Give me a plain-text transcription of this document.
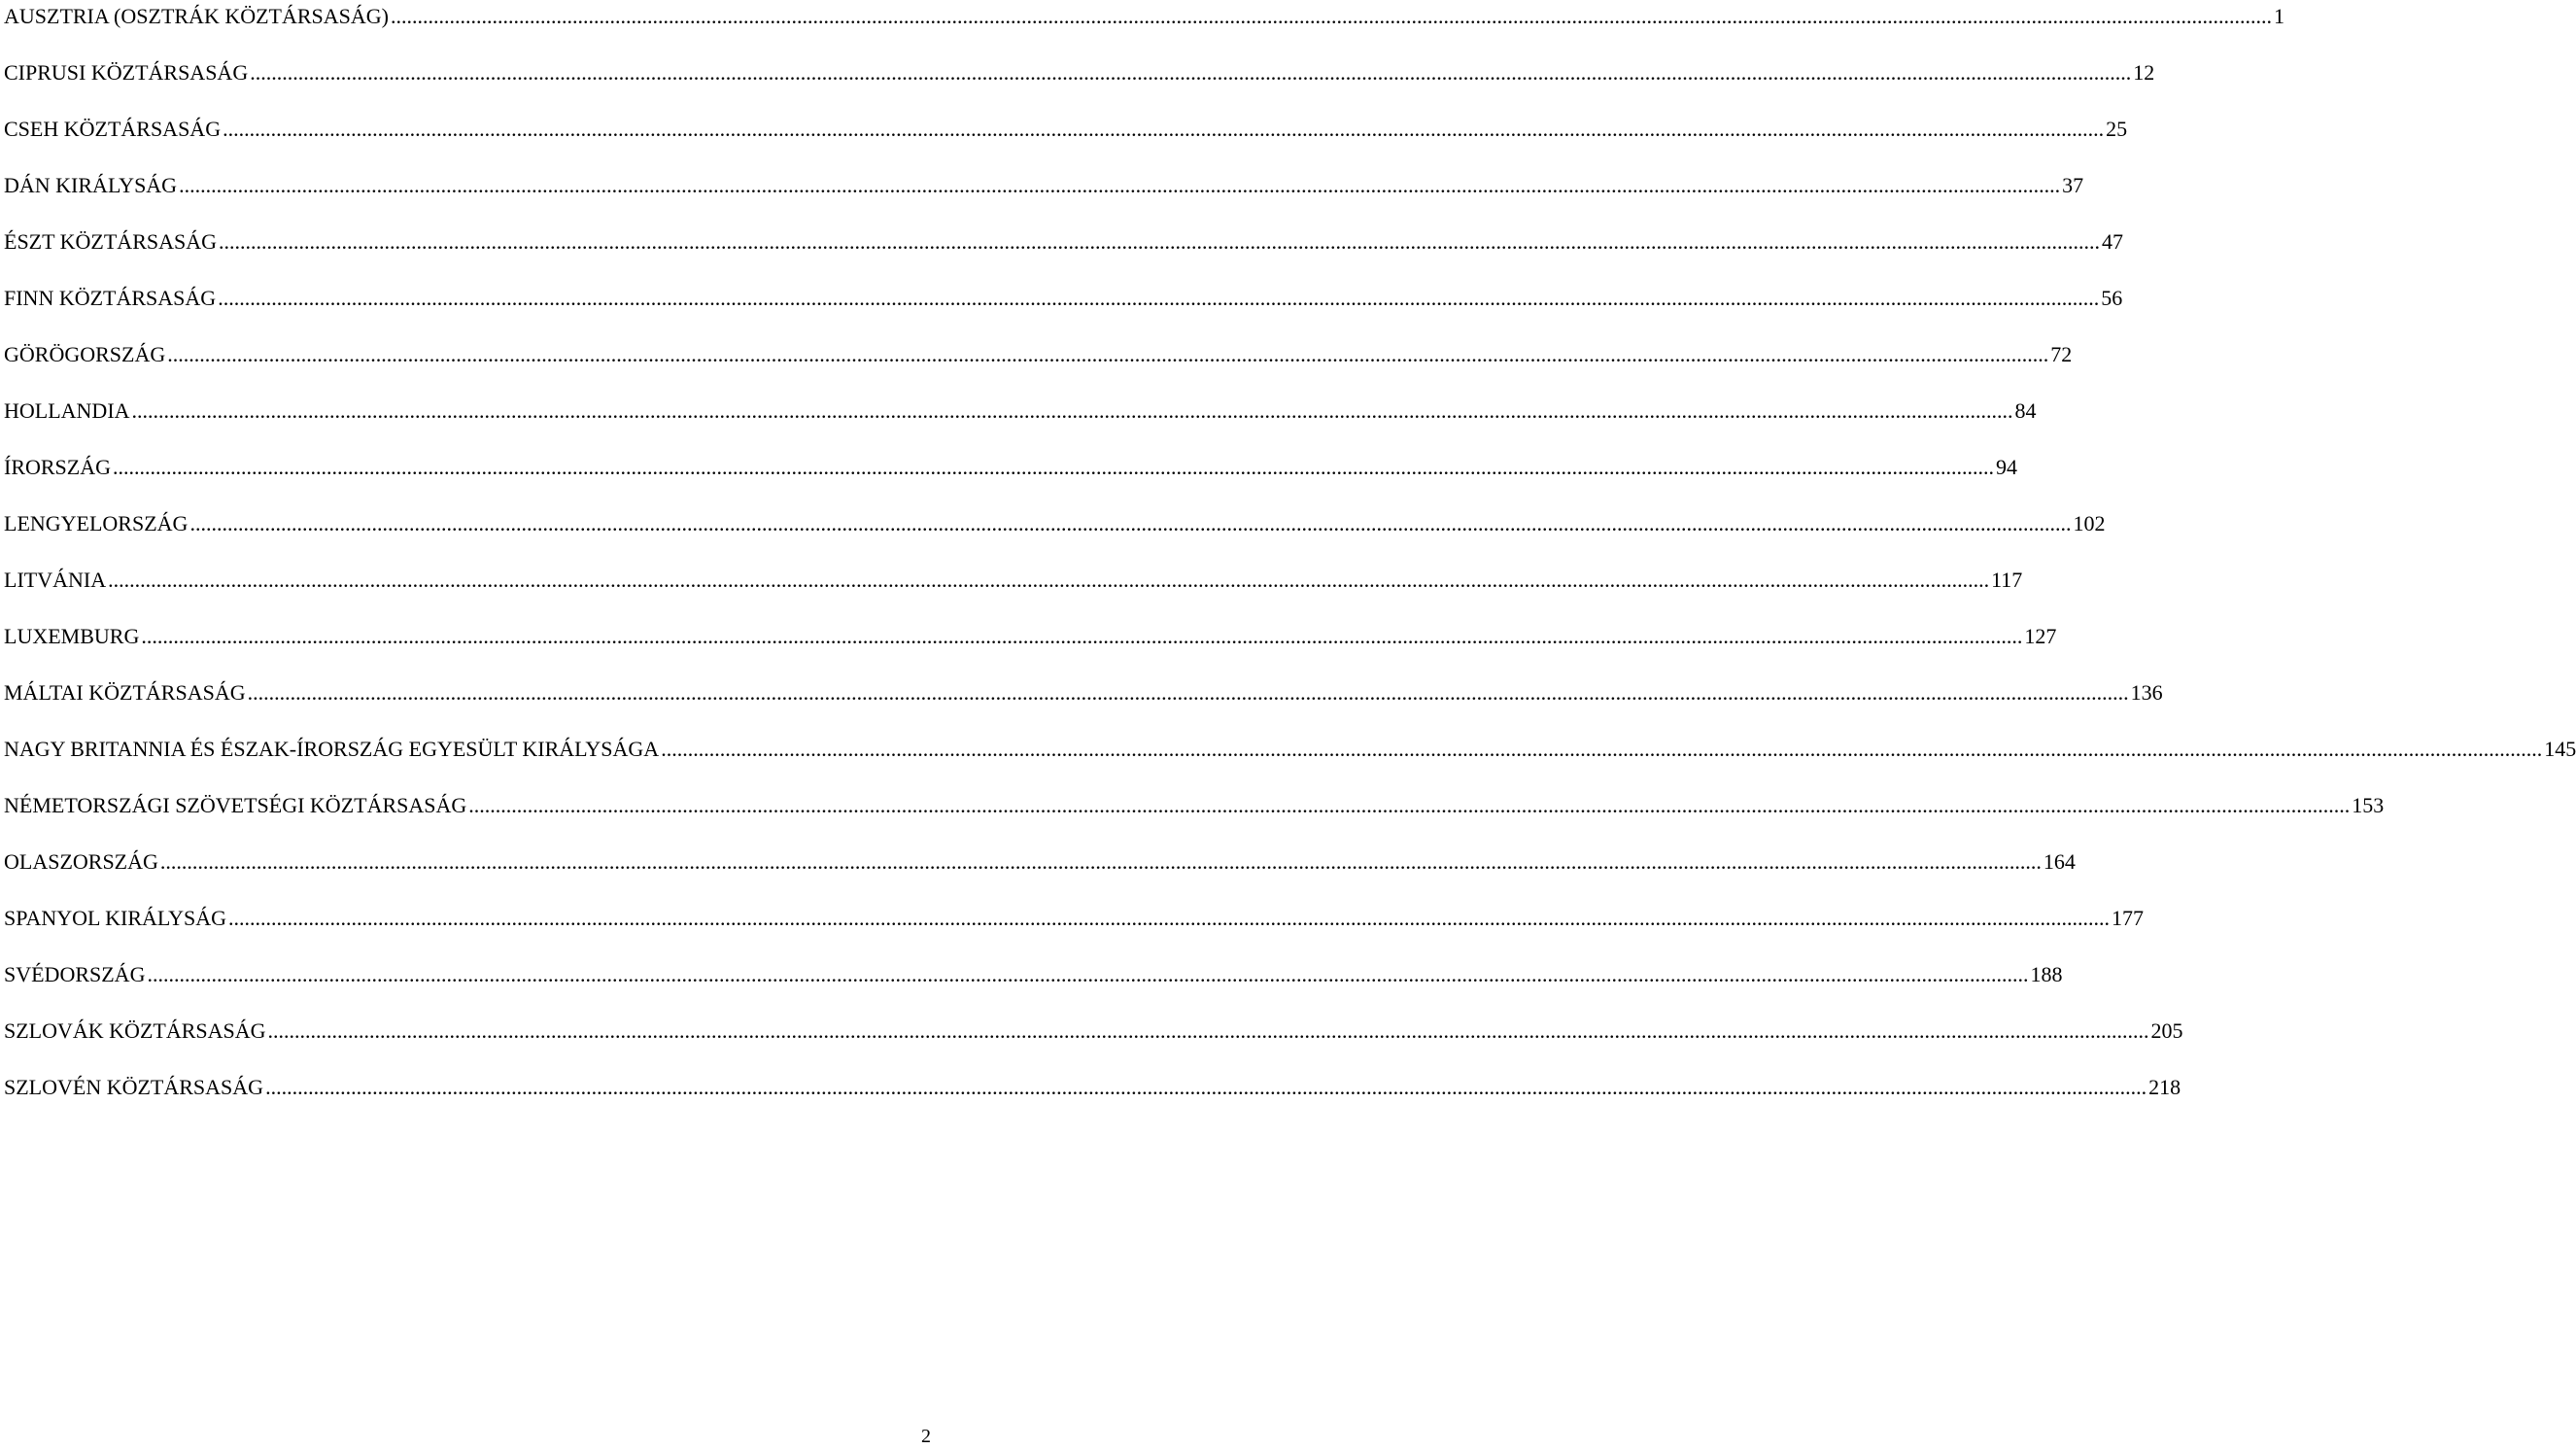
AUSZTRIA (OSZTRÁK KÖZTÁRSASÁG) ................................................................................................................................................................................................................................................................................................................................................................ 1
CIPRUSI KÖZTÁRSASÁG ................................................................................................................................................................................................................................................................................................................................................................ 12
CSEH KÖZTÁRSASÁG ................................................................................................................................................................................................................................................................................................................................................................ 25
DÁN KIRÁLYSÁG ................................................................................................................................................................................................................................................................................................................................................................ 37
ÉSZT KÖZTÁRSASÁG ................................................................................................................................................................................................................................................................................................................................................................ 47
FINN KÖZTÁRSASÁG ................................................................................................................................................................................................................................................................................................................................................................ 56
GÖRÖGORSZÁG ................................................................................................................................................................................................................................................................................................................................................................ 72
HOLLANDIA ................................................................................................................................................................................................................................................................................................................................................................ 84
ÍRORSZÁG ................................................................................................................................................................................................................................................................................................................................................................ 94
LENGYELORSZÁG ................................................................................................................................................................................................................................................................................................................................................................ 102
LITVÁNIA ................................................................................................................................................................................................................................................................................................................................................................ 117
LUXEMBURG ................................................................................................................................................................................................................................................................................................................................................................ 127
MÁLTAI KÖZTÁRSASÁG ................................................................................................................................................................................................................................................................................................................................................................ 136
NAGY BRITANNIA ÉS ÉSZAK-ÍRORSZÁG EGYESÜLT KIRÁLYSÁGA ................................................................................................................................................................................................................................................................................................................................................................ 145
NÉMETORSZÁGI SZÖVETSÉGI KÖZTÁRSASÁG ................................................................................................................................................................................................................................................................................................................................................................ 153
OLASZORSZÁG ................................................................................................................................................................................................................................................................................................................................................................ 164
SPANYOL KIRÁLYSÁG ................................................................................................................................................................................................................................................................................................................................................................ 177
SVÉDORSZÁG ................................................................................................................................................................................................................................................................................................................................................................ 188
SZLOVÁK KÖZTÁRSASÁG ................................................................................................................................................................................................................................................................................................................................................................ 205
SZLOVÉN KÖZTÁRSASÁG ................................................................................................................................................................................................................................................................................................................................................................ 218
2
